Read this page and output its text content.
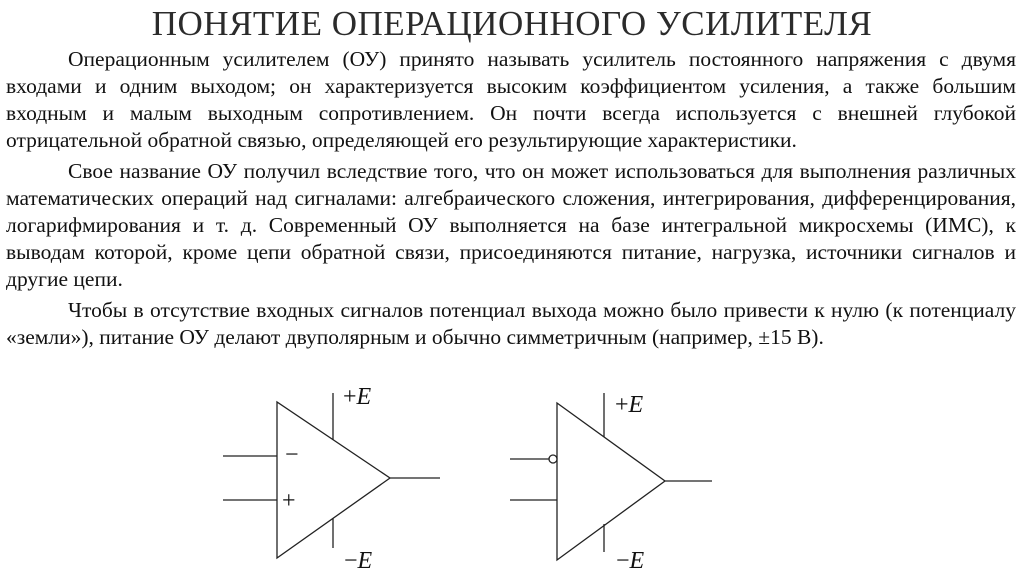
ПОНЯТИЕ ОПЕРАЦИОННОГО УСИЛИТЕЛЯ

Операционным усилителем (ОУ) принято называть усилитель постоянного напряжения с двумя входами и одним выходом; он характеризуется высоким коэффициентом усиления, а также большим входным и малым выходным сопротивлением. Он почти всегда используется с внешней глубокой отрицательной обратной связью, определяющей его результирующие характеристики.

Свое название ОУ получил вследствие того, что он может использоваться для выполнения различных математических операций над сигналами: алгебраического сложения, интегрирования, дифференцирования, логарифмирования и т. д. Современный ОУ выполняется на базе интегральной микросхемы (ИМС), к выводам которой, кроме цепи обратной связи, присоединяются питание, нагрузка, источники сигналов и другие цепи.

Чтобы в отсутствие входных сигналов потенциал выхода можно было привести к нулю (к потенциалу «земли»), питание ОУ делают двуполярным и обычно симметричным (например, ±15 В).

−
+
+E
−E
+E
−E
